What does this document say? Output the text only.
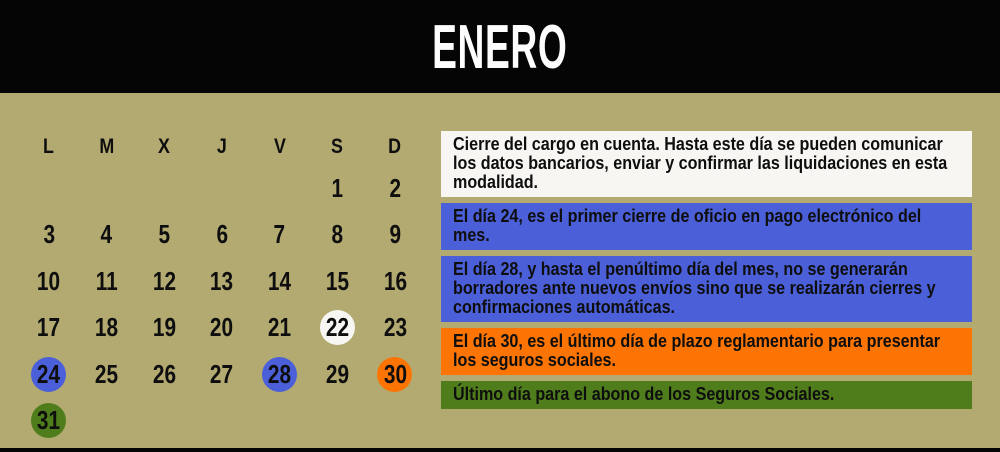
ENERO
L M X J V S D
1 2
3 4 5 6 7 8 9
10 11 12 13 14 15 16
17 18 19 20 21 22 23
24 25 26 27 28 29 30
31
Cierre del cargo en cuenta. Hasta este día se pueden comunicar los datos bancarios, enviar y confirmar las liquidaciones en esta modalidad.
El día 24, es el primer cierre de oficio en pago electrónico del mes.
El día 28, y hasta el penúltimo día del mes, no se generarán borradores ante nuevos envíos sino que se realizarán cierres y confirmaciones automáticas.
El día 30, es el último día de plazo reglamentario para presentar los seguros sociales.
Último día para el abono de los Seguros Sociales.
